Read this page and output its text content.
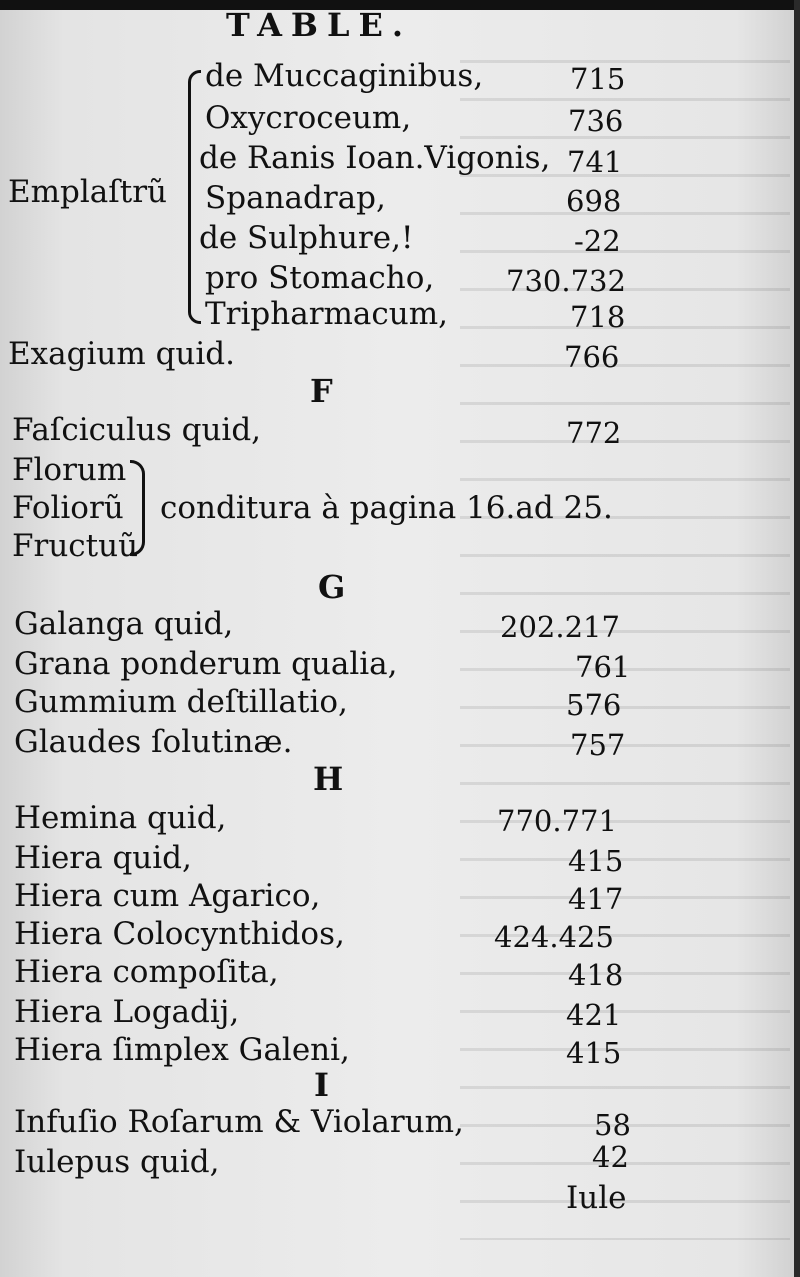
TABLE.
Emplaſtrũ
de Muccaginibus,	715
Oxycroceum,	736
de Ranis Ioan.Vigonis, 741
Spanadrap,	698
de Sulphure,!	-22
pro Stomacho, 730.732
Tripharmacum,	718
Exagium quid.	766
F
Faſciculus quid,	772
Florum
Foliorũ
Fructuũ
conditura à pagina 16.ad 25.
G
Galanga quid,	202.217
Grana ponderum qualia,	761
Gummium deſtillatio,	576
Glaudes ſolutinæ.	757
H
Hemina quid,	770.771
Hiera quid,	415
Hiera cum Agarico,	417
Hiera Colocynthidos,	424.425
Hiera compoſita,	418
Hiera Logadij,	421
Hiera ſimplex Galeni,	415
I
Infuſio Roſarum & Violarum,	58
Iulepus quid,	42
Iule
